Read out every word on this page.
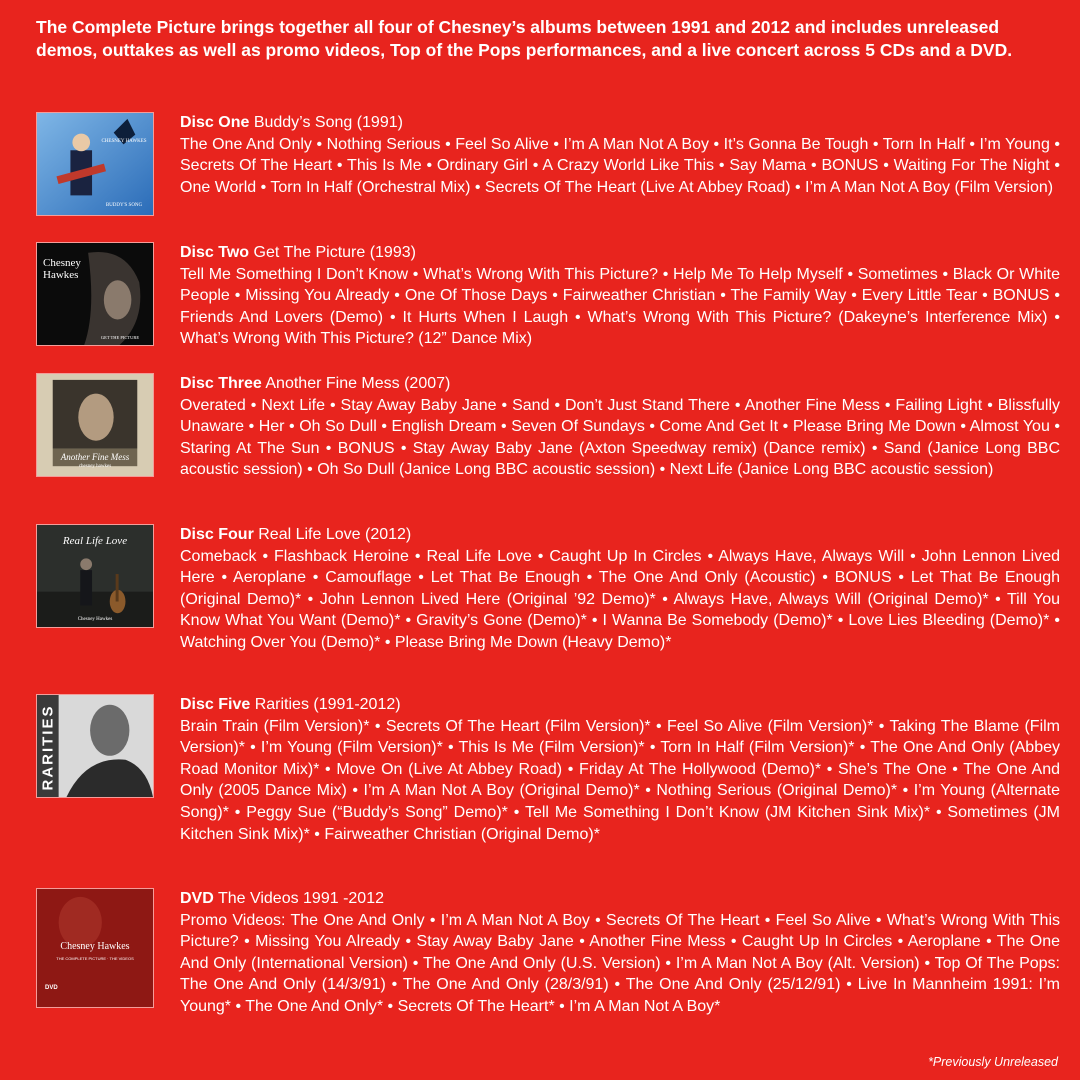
The Complete Picture brings together all four of Chesney’s albums between 1991 and 2012 and includes unreleased demos, outtakes as well as promo videos, Top of the Pops performances, and a live concert across 5 CDs and a DVD.
CHESNEY HAWKES
BUDDY'S SONG
Disc One Buddy’s Song (1991)
The One And Only • Nothing Serious • Feel So Alive • I’m A Man Not A Boy • It’s Gonna Be Tough • Torn In Half • I’m Young • Secrets Of The Heart • This Is Me • Ordinary Girl • A Crazy World Like This • Say Mama • BONUS • Waiting For The Night • One World • Torn In Half (Orchestral Mix) • Secrets Of The Heart (Live At Abbey Road) • I’m A Man Not A Boy (Film Version)
Chesney Hawkes
GET THE PICTURE
Disc Two Get The Picture (1993)
Tell Me Something I Don’t Know • What’s Wrong With This Picture? • Help Me To Help Myself • Sometimes • Black Or White People • Missing You Already • One Of Those Days • Fairweather Christian • The Family Way • Every Little Tear • BONUS • Friends And Lovers (Demo) • It Hurts When I Laugh • What’s Wrong With This Picture? (Dakeyne’s Interference Mix) • What’s Wrong With This Picture? (12” Dance Mix)
Another Fine Mess
chesney hawkes
Disc Three Another Fine Mess (2007)
Overated • Next Life • Stay Away Baby Jane • Sand • Don’t Just Stand There • Another Fine Mess • Failing Light • Blissfully Unaware • Her • Oh So Dull • English Dream • Seven Of Sundays • Come And Get It • Please Bring Me Down • Almost You • Staring At The Sun • BONUS • Stay Away Baby Jane (Axton Speedway remix) (Dance remix) • Sand (Janice Long BBC acoustic session) • Oh So Dull (Janice Long BBC acoustic session) • Next Life (Janice Long BBC acoustic session)
Real Life Love
Chesney Hawkes
Disc Four Real Life Love (2012)
Comeback • Flashback Heroine • Real Life Love • Caught Up In Circles • Always Have, Always Will • John Lennon Lived Here • Aeroplane • Camouflage • Let That Be Enough • The One And Only (Acoustic) • BONUS • Let That Be Enough (Original Demo)* • John Lennon Lived Here (Original ’92 Demo)* • Always Have, Always Will (Original Demo)* • Till You Know What You Want (Demo)* • Gravity’s Gone (Demo)* • I Wanna Be Somebody (Demo)* • Love Lies Bleeding (Demo)* • Watching Over You (Demo)* • Please Bring Me Down (Heavy Demo)*
RARITIES	Disc Five Rarities (1991-2012)
Brain Train (Film Version)* • Secrets Of The Heart (Film Version)* • Feel So Alive (Film Version)* • Taking The Blame (Film Version)* • I’m Young (Film Version)* • This Is Me (Film Version)* • Torn In Half (Film Version)* • The One And Only (Abbey Road Monitor Mix)* • Move On (Live At Abbey Road) • Friday At The Hollywood (Demo)* • She’s The One • The One And Only (2005 Dance Mix) • I’m A Man Not A Boy (Original Demo)* • Nothing Serious (Original Demo)* • I’m Young (Alternate Song)* • Peggy Sue (“Buddy’s Song” Demo)* • Tell Me Something I Don’t Know (JM Kitchen Sink Mix)* • Sometimes (JM Kitchen Sink Mix)* • Fairweather Christian (Original Demo)*
Chesney Hawkes
THE COMPLETE PICTURE · THE VIDEOS
DVD
DVD The Videos 1991 -2012
Promo Videos: The One And Only • I’m A Man Not A Boy • Secrets Of The Heart • Feel So Alive • What’s Wrong With This Picture? • Missing You Already • Stay Away Baby Jane • Another Fine Mess • Caught Up In Circles • Aeroplane • The One And Only (International Version) • The One And Only (U.S. Version) • I’m A Man Not A Boy (Alt. Version) • Top Of The Pops: The One And Only (14/3/91) • The One And Only (28/3/91) • The One And Only (25/12/91) • Live In Mannheim 1991: I’m Young* • The One And Only* • Secrets Of The Heart* • I’m A Man Not A Boy*
*Previously Unreleased
